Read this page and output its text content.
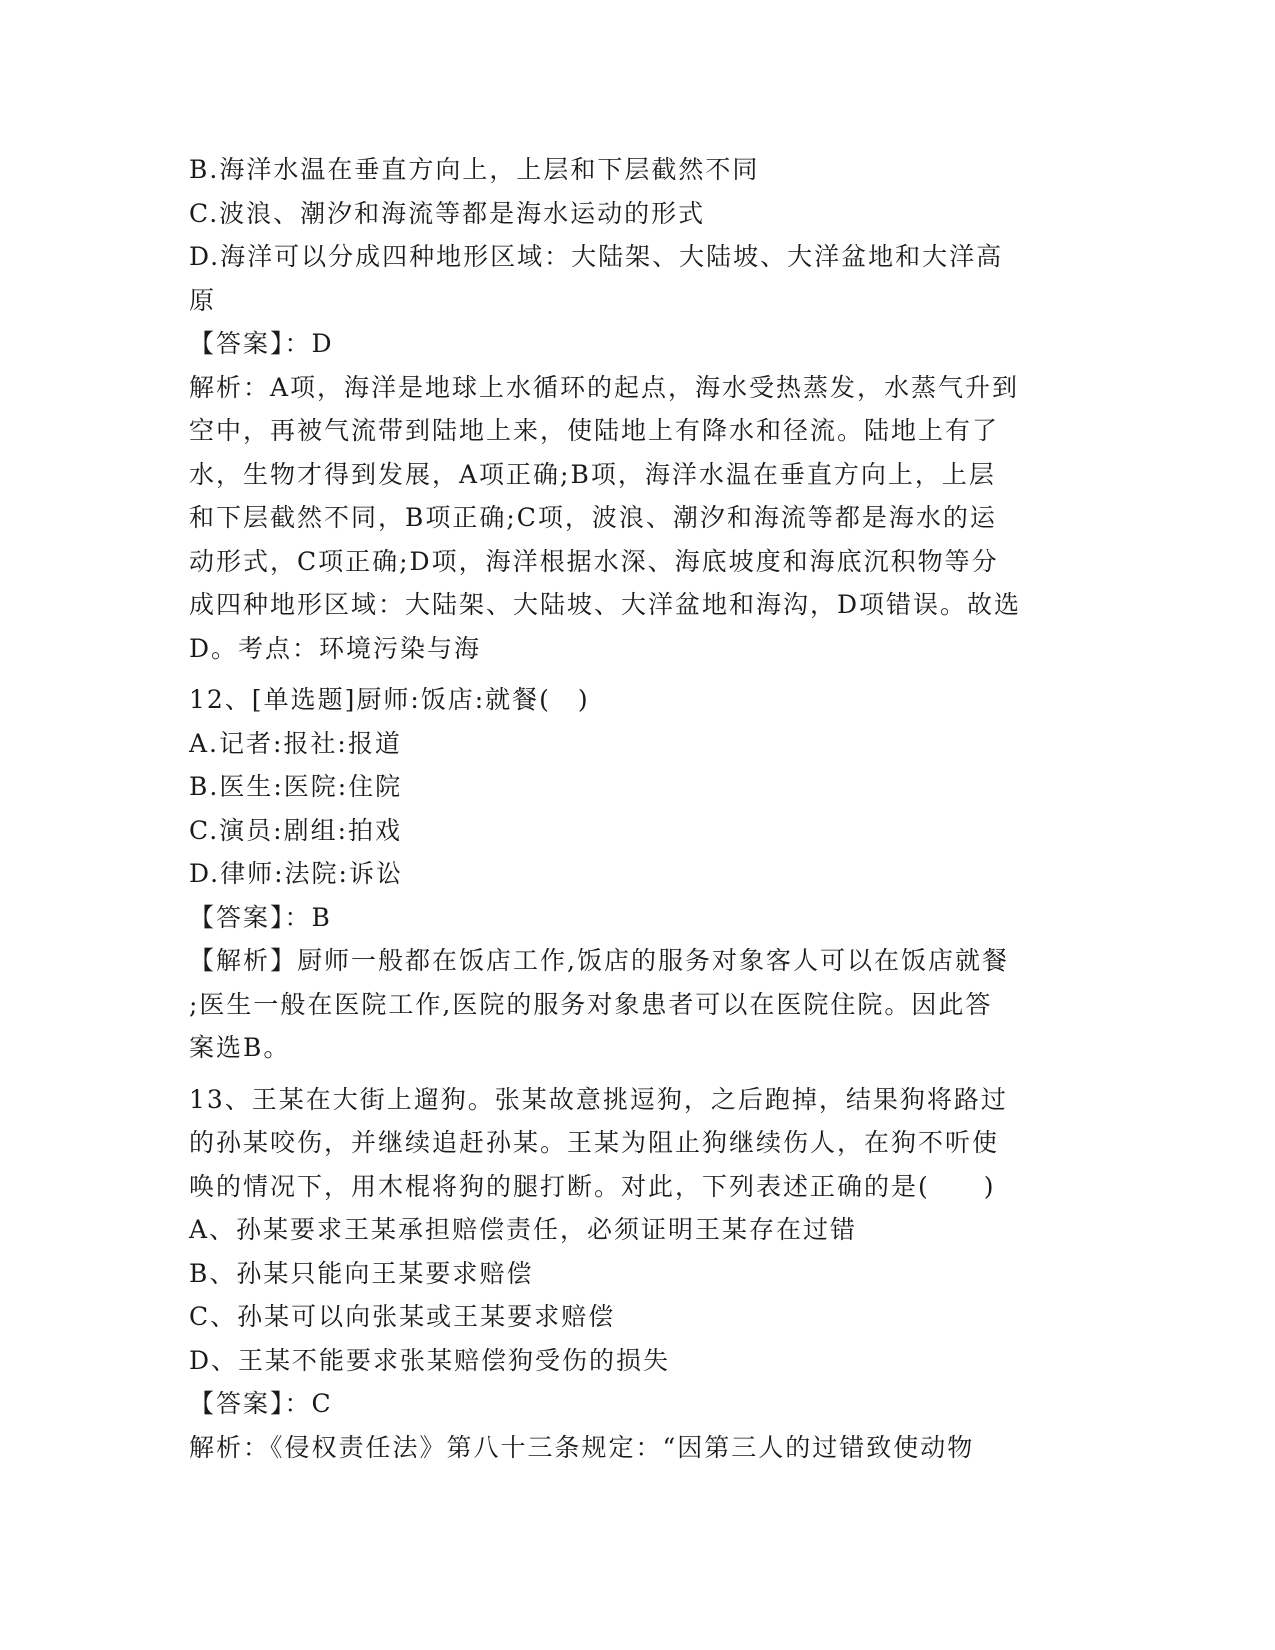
B.海洋水温在垂直方向上，上层和下层截然不同

C.波浪、潮汐和海流等都是海水运动的形式

D.海洋可以分成四种地形区域：大陆架、大陆坡、大洋盆地和大洋高

原

【答案】：D

解析：A项，海洋是地球上水循环的起点，海水受热蒸发，水蒸气升到

空中，再被气流带到陆地上来，使陆地上有降水和径流。陆地上有了

水，生物才得到发展，A项正确;B项，海洋水温在垂直方向上，上层

和下层截然不同，B项正确;C项，波浪、潮汐和海流等都是海水的运

动形式，C项正确;D项，海洋根据水深、海底坡度和海底沉积物等分

成四种地形区域：大陆架、大陆坡、大洋盆地和海沟，D项错误。故选

D。考点：环境污染与海

12、[单选题]厨师:饭店:就餐(　)

A.记者:报社:报道

B.医生:医院:住院

C.演员:剧组:拍戏

D.律师:法院:诉讼

【答案】：B

【解析】厨师一般都在饭店工作,饭店的服务对象客人可以在饭店就餐

;医生一般在医院工作,医院的服务对象患者可以在医院住院。因此答

案选B。

13、王某在大街上遛狗。张某故意挑逗狗，之后跑掉，结果狗将路过

的孙某咬伤，并继续追赶孙某。王某为阻止狗继续伤人，在狗不听使

唤的情况下，用木棍将狗的腿打断。对此，下列表述正确的是(　　)

A、孙某要求王某承担赔偿责任，必须证明王某存在过错

B、孙某只能向王某要求赔偿

C、孙某可以向张某或王某要求赔偿

D、王某不能要求张某赔偿狗受伤的损失

【答案】：C

解析：《侵权责任法》第八十三条规定：“因第三人的过错致使动物
